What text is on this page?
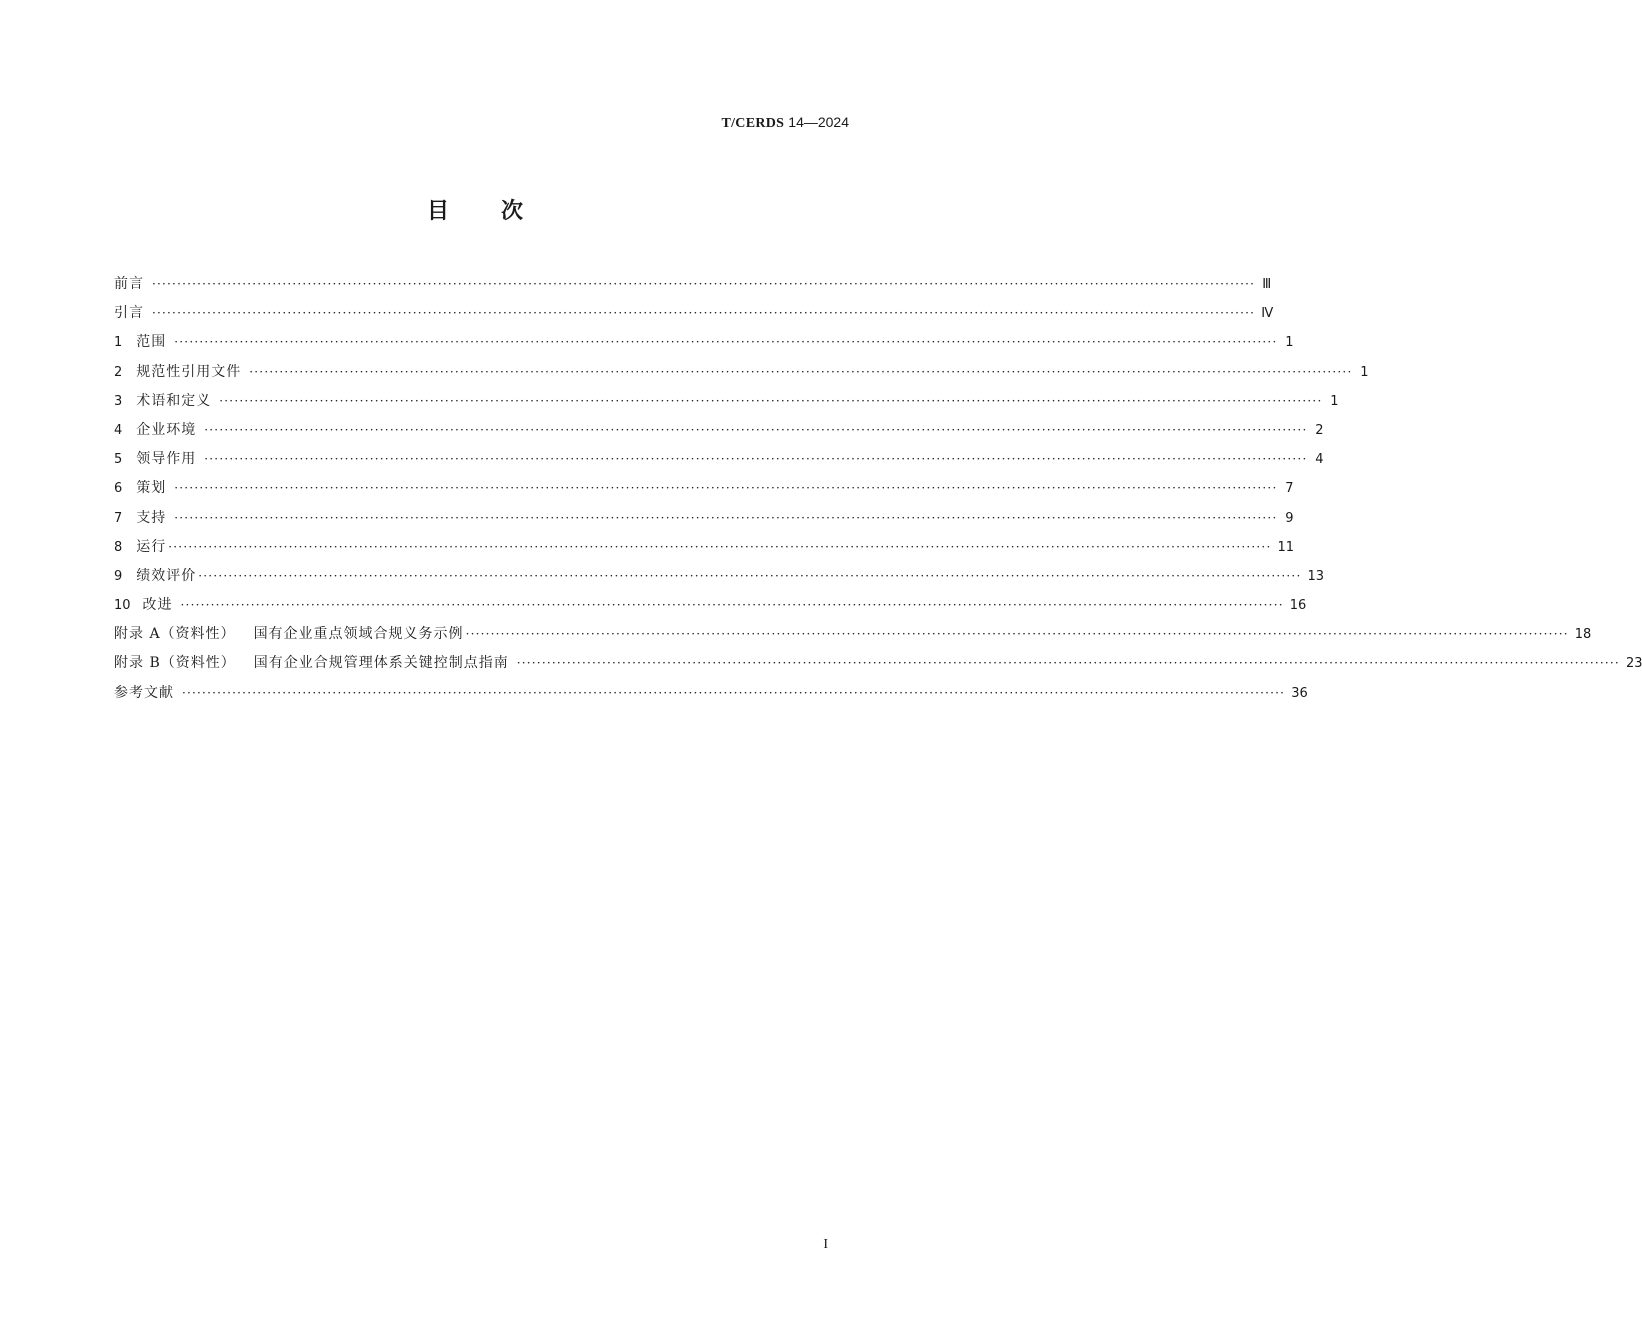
T/CERDS 14—2024
目次
前言 ···························································································································································································································· Ⅲ
引言 ···························································································································································································································· Ⅳ
1 范围 ···························································································································································································································· 1
2 规范性引用文件 ···························································································································································································································· 1
3 术语和定义 ···························································································································································································································· 1
4 企业环境 ···························································································································································································································· 2
5 领导作用 ···························································································································································································································· 4
6 策划 ···························································································································································································································· 7
7 支持 ···························································································································································································································· 9
8 运行 ···························································································································································································································· 11
9 绩效评价 ···························································································································································································································· 13
10 改进 ···························································································································································································································· 16
附录 A（资料性） 国有企业重点领域合规义务示例 ···························································································································································································································· 18
附录 B（资料性） 国有企业合规管理体系关键控制点指南 ···························································································································································································································· 23
参考文献 ···························································································································································································································· 36
I
